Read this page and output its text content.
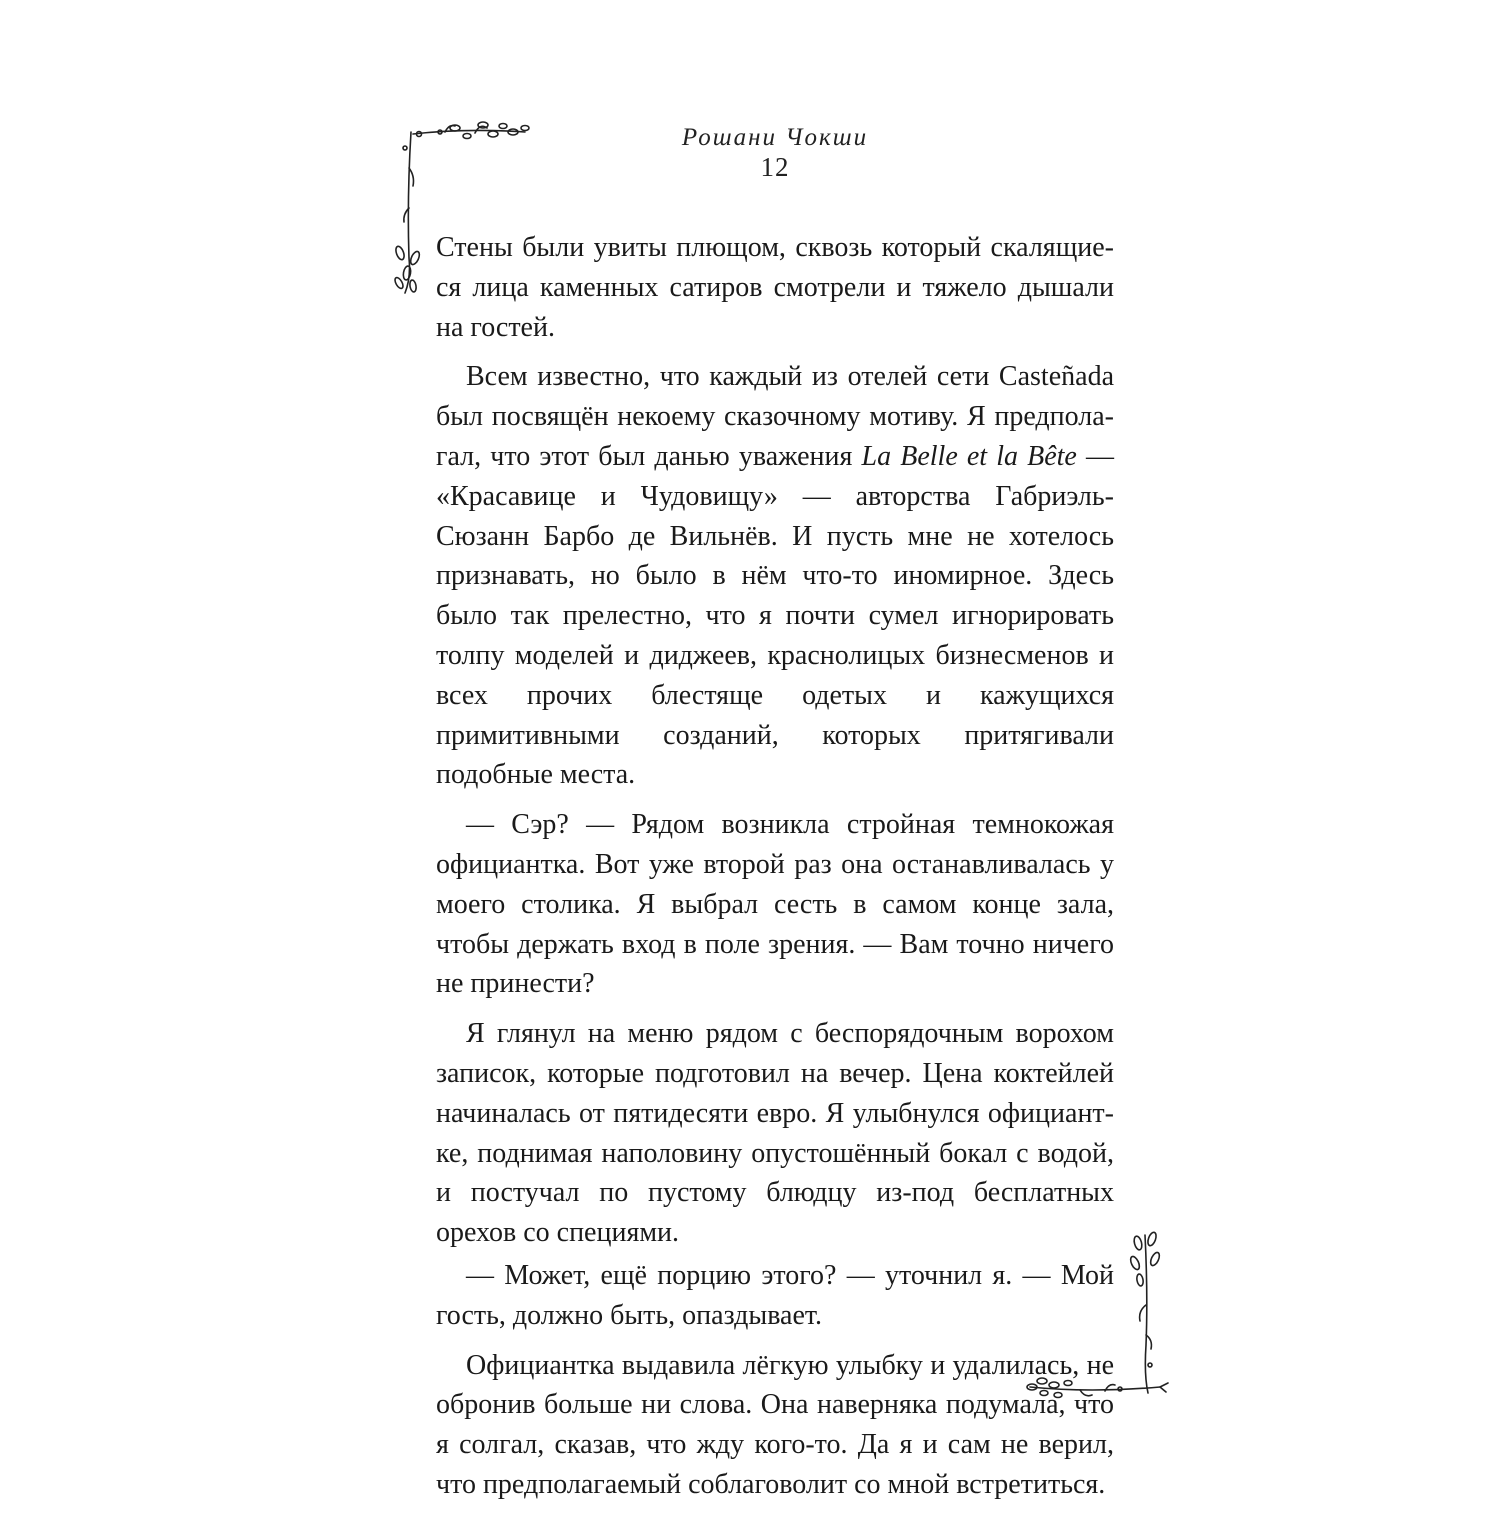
Рошани Чокши
12

Стены были увиты плющом, сквозь который скалящиеся лица каменных сатиров смотрели и тяжело дышали на гостей.

Всем известно, что каждый из отелей сети Casteñada был посвящён некоему сказочному мотиву. Я предполагал, что этот был данью уважения La Belle et la Bête — «Красавице и Чудовищу» — авторства Габриэль-Сюзанн Барбо де Вильнёв. И пусть мне не хотелось признавать, но было в нём что-то иномирное. Здесь было так прелестно, что я почти сумел игнорировать толпу моделей и диджеев, краснолицых бизнесменов и всех прочих блестяще одетых и кажущихся примитивными созданий, которых притягивали подобные места.

— Сэр? — Рядом возникла стройная темнокожая официантка. Вот уже второй раз она останавливалась у моего столика. Я выбрал сесть в самом конце зала, чтобы держать вход в поле зрения. — Вам точно ничего не принести?

Я глянул на меню рядом с беспорядочным ворохом записок, которые подготовил на вечер. Цена коктейлей начиналась от пятидесяти евро. Я улыбнулся официантке, поднимая наполовину опустошённый бокал с водой, и постучал по пустому блюдцу из-под бесплатных орехов со специями.

— Может, ещё порцию этого? — уточнил я. — Мой гость, должно быть, опаздывает.

Официантка выдавила лёгкую улыбку и удалилась, не обронив больше ни слова. Она наверняка подумала, что я солгал, сказав, что жду кого-то. Да я и сам не верил, что предполагаемый соблаговолит со мной встретиться.
